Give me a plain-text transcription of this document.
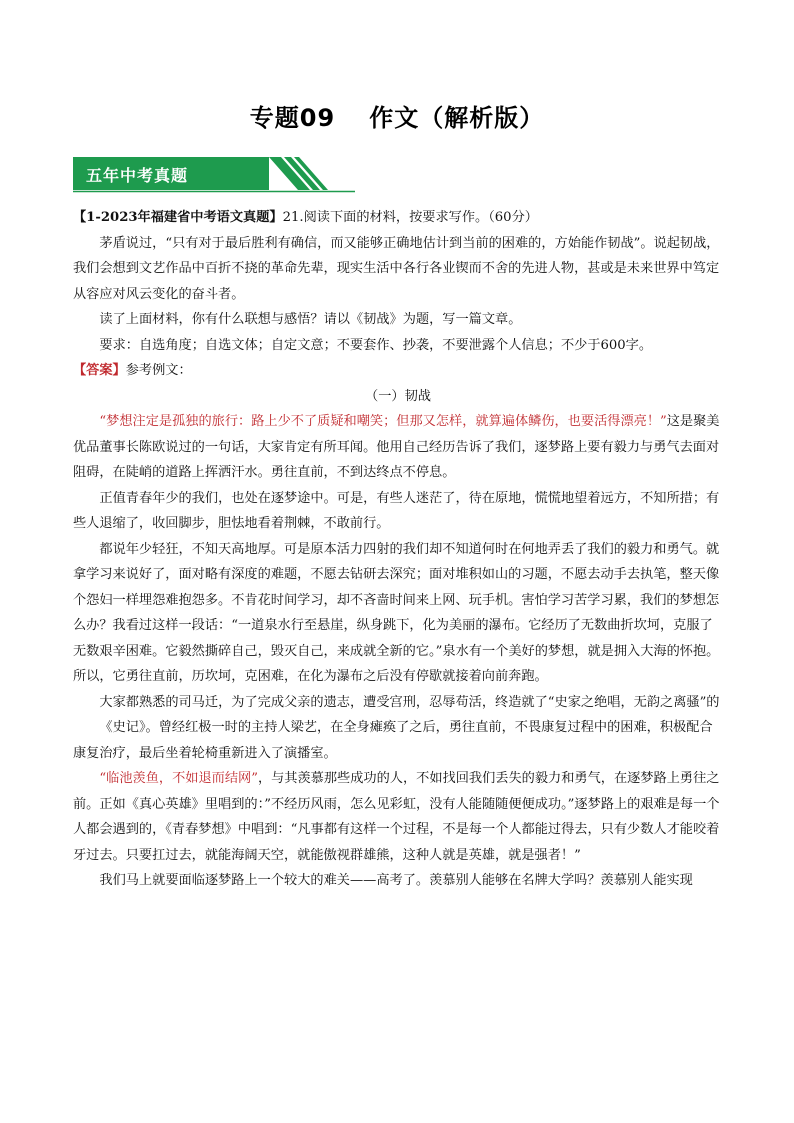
专题09 作文（解析版）
五年中考真题

【1-2023年福建省中考语文真题】21.阅读下面的材料，按要求写作。（60分）

茅盾说过，“只有对于最后胜利有确信，而又能够正确地估计到当前的困难的，方始能作韧战”。说起韧战，我们会想到文艺作品中百折不挠的革命先辈，现实生活中各行各业锲而不舍的先进人物，甚或是未来世界中笃定从容应对风云变化的奋斗者。

读了上面材料，你有什么联想与感悟？请以《韧战》为题，写一篇文章。

要求：自选角度；自选文体；自定文意；不要套作、抄袭，不要泄露个人信息；不少于600字。

【答案】参考例文：

（一）韧战

“梦想注定是孤独的旅行：路上少不了质疑和嘲笑；但那又怎样，就算遍体鳞伤，也要活得漂亮！”这是聚美优品董事长陈欧说过的一句话，大家肯定有所耳闻。他用自己经历告诉了我们，逐梦路上要有毅力与勇气去面对阻碍，在陡峭的道路上挥洒汗水。勇往直前，不到达终点不停息。

正值青春年少的我们，也处在逐梦途中。可是，有些人迷茫了，待在原地，慌慌地望着远方，不知所措；有些人退缩了，收回脚步，胆怯地看着荆棘，不敢前行。

都说年少轻狂，不知天高地厚。可是原本活力四射的我们却不知道何时在何地弄丢了我们的毅力和勇气。就拿学习来说好了，面对略有深度的难题，不愿去钻研去深究；面对堆积如山的习题，不愿去动手去执笔，整天像个怨妇一样埋怨难抱怨多。不肯花时间学习，却不吝啬时间来上网、玩手机。害怕学习苦学习累，我们的梦想怎么办？我看过这样一段话：“一道泉水行至悬崖，纵身跳下，化为美丽的瀑布。它经历了无数曲折坎坷，克服了无数艰辛困难。它毅然撕碎自己，毁灭自己，来成就全新的它。”泉水有一个美好的梦想，就是拥入大海的怀抱。所以，它勇往直前，历坎坷，克困难，在化为瀑布之后没有停歇就接着向前奔跑。

大家都熟悉的司马迁，为了完成父亲的遗志，遭受宫刑，忍辱苟活，终造就了“史家之绝唱，无韵之离骚”的

《史记》。曾经红极一时的主持人梁艺，在全身瘫痪了之后，勇往直前，不畏康复过程中的困难，积极配合康复治疗，最后坐着轮椅重新进入了演播室。

“临池羡鱼，不如退而结网”，与其羡慕那些成功的人，不如找回我们丢失的毅力和勇气，在逐梦路上勇往之前。正如《真心英雄》里唱到的：”不经历风雨，怎么见彩虹，没有人能随随便便成功。”逐梦路上的艰难是每一个人都会遇到的，《青春梦想》中唱到：“凡事都有这样一个过程，不是每一个人都能过得去，只有少数人才能咬着牙过去。只要扛过去，就能海阔天空，就能傲视群雄熊，这种人就是英雄，就是强者！”

我们马上就要面临逐梦路上一个较大的难关——高考了。羡慕别人能够在名牌大学吗？羡慕别人能实现
